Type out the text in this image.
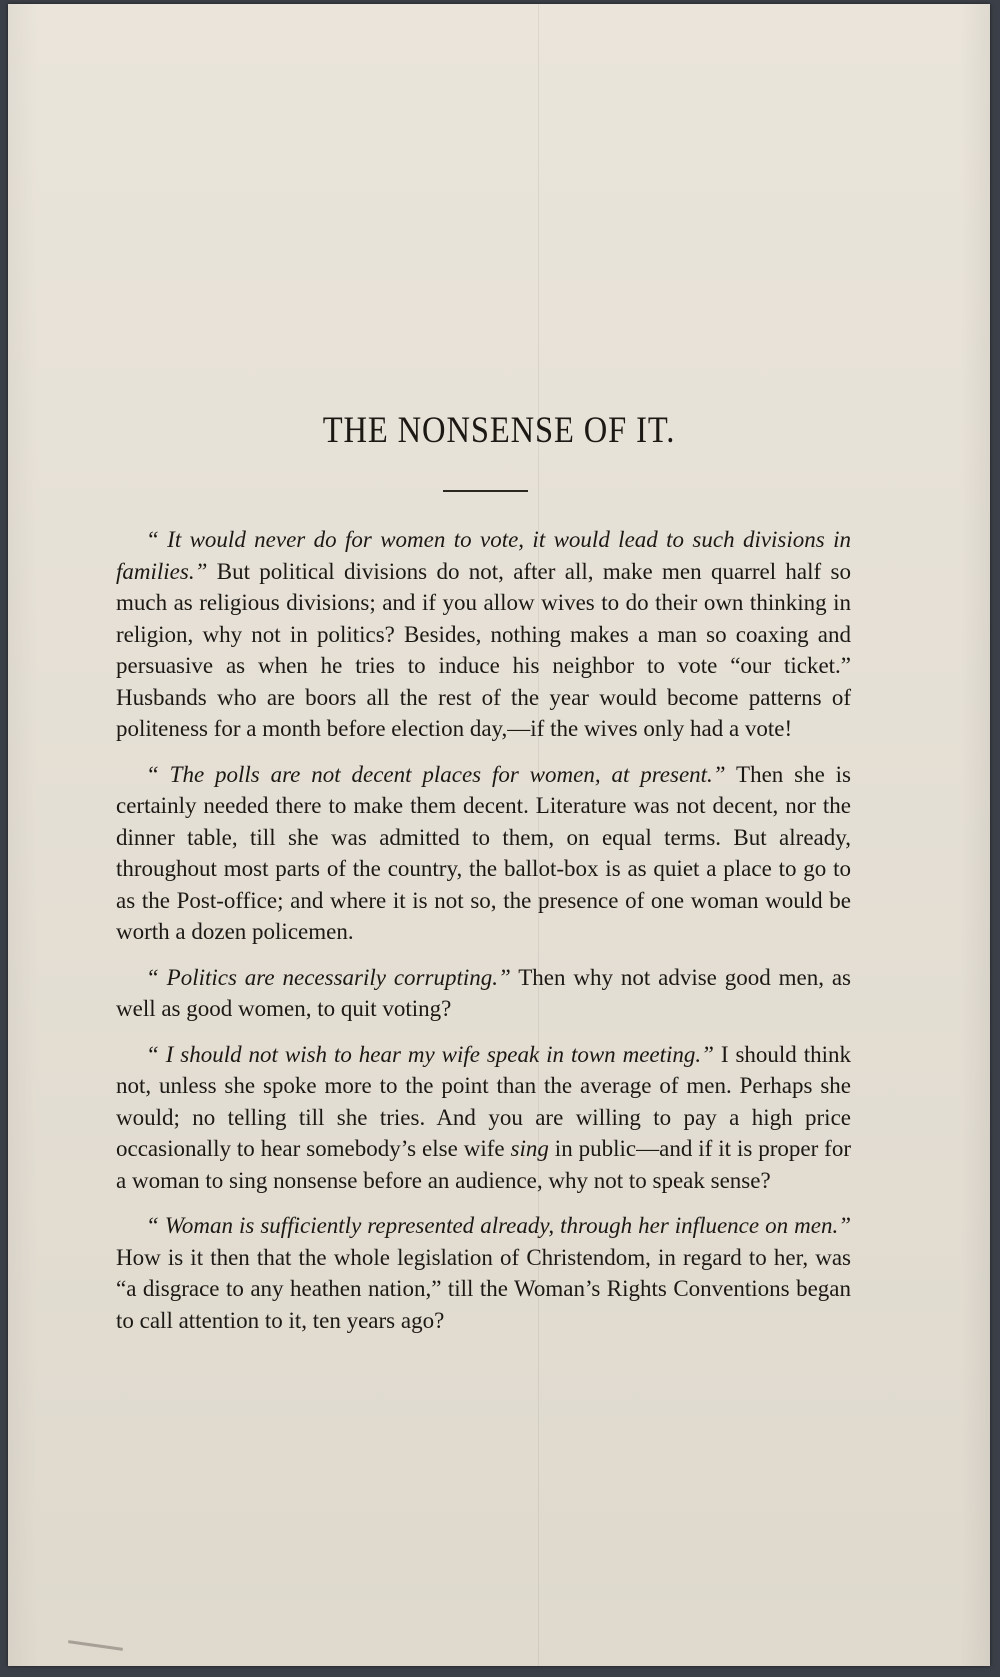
THE NONSENSE OF IT.

“ It would never do for women to vote, it would lead to such divisions in families.” But political divisions do not, after all, make men quarrel half so much as religious divisions; and if you allow wives to do their own thinking in religion, why not in politics? Besides, nothing makes a man so coaxing and persuasive as when he tries to induce his neighbor to vote “our ticket.” Husbands who are boors all the rest of the year would become patterns of politeness for a month before election day,—if the wives only had a vote!

“ The polls are not decent places for women, at present.” Then she is certainly needed there to make them decent. Literature was not decent, nor the dinner table, till she was admitted to them, on equal terms. But already, throughout most parts of the country, the ballot-box is as quiet a place to go to as the Post-office; and where it is not so, the presence of one woman would be worth a dozen policemen.

“ Politics are necessarily corrupting.” Then why not advise good men, as well as good women, to quit voting?

“ I should not wish to hear my wife speak in town meeting.” I should think not, unless she spoke more to the point than the average of men. Perhaps she would; no telling till she tries. And you are willing to pay a high price occasionally to hear somebody’s else wife sing in public—and if it is proper for a woman to sing nonsense before an audience, why not to speak sense?

“ Woman is sufficiently represented already, through her influence on men.” How is it then that the whole legislation of Christendom, in regard to her, was “a disgrace to any heathen nation,” till the Woman’s Rights Conventions began to call attention to it, ten years ago?
